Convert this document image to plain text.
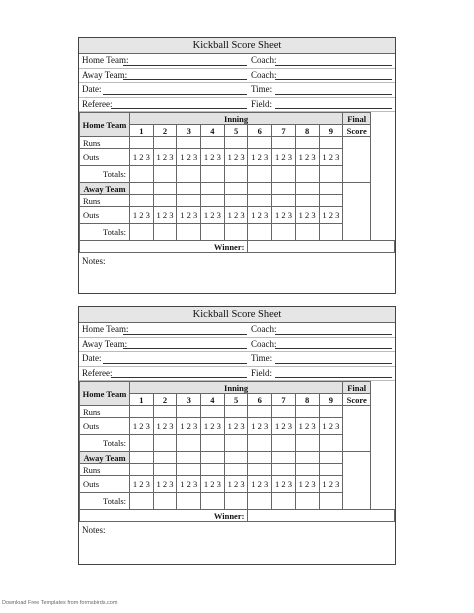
Kickball Score Sheet
Home Team:	Coach:
Away Team:	Coach:
Date:	Time:
Referee:	Field:
Home Team	Inning									Final
	1	2	3	4	5	6	7	8	9	Score
Runs										
Outs	1 2 3	1 2 3	1 2 3	1 2 3	1 2 3	1 2 3	1 2 3	1 2 3	1 2 3	
Totals:										
Away Team										
Runs										
Outs	1 2 3	1 2 3	1 2 3	1 2 3	1 2 3	1 2 3	1 2 3	1 2 3	1 2 3	
Totals:										
Winner:										
Notes:
Kickball Score Sheet
Home Team:	Coach:
Away Team:	Coach:
Date:	Time:
Referee:	Field:
Home Team	Inning									Final
	1	2	3	4	5	6	7	8	9	Score
Runs										
Outs	1 2 3	1 2 3	1 2 3	1 2 3	1 2 3	1 2 3	1 2 3	1 2 3	1 2 3	
Totals:										
Away Team										
Runs										
Outs	1 2 3	1 2 3	1 2 3	1 2 3	1 2 3	1 2 3	1 2 3	1 2 3	1 2 3	
Totals:										
Winner:										
Notes:
Download Free Templates from formsbirds.com
